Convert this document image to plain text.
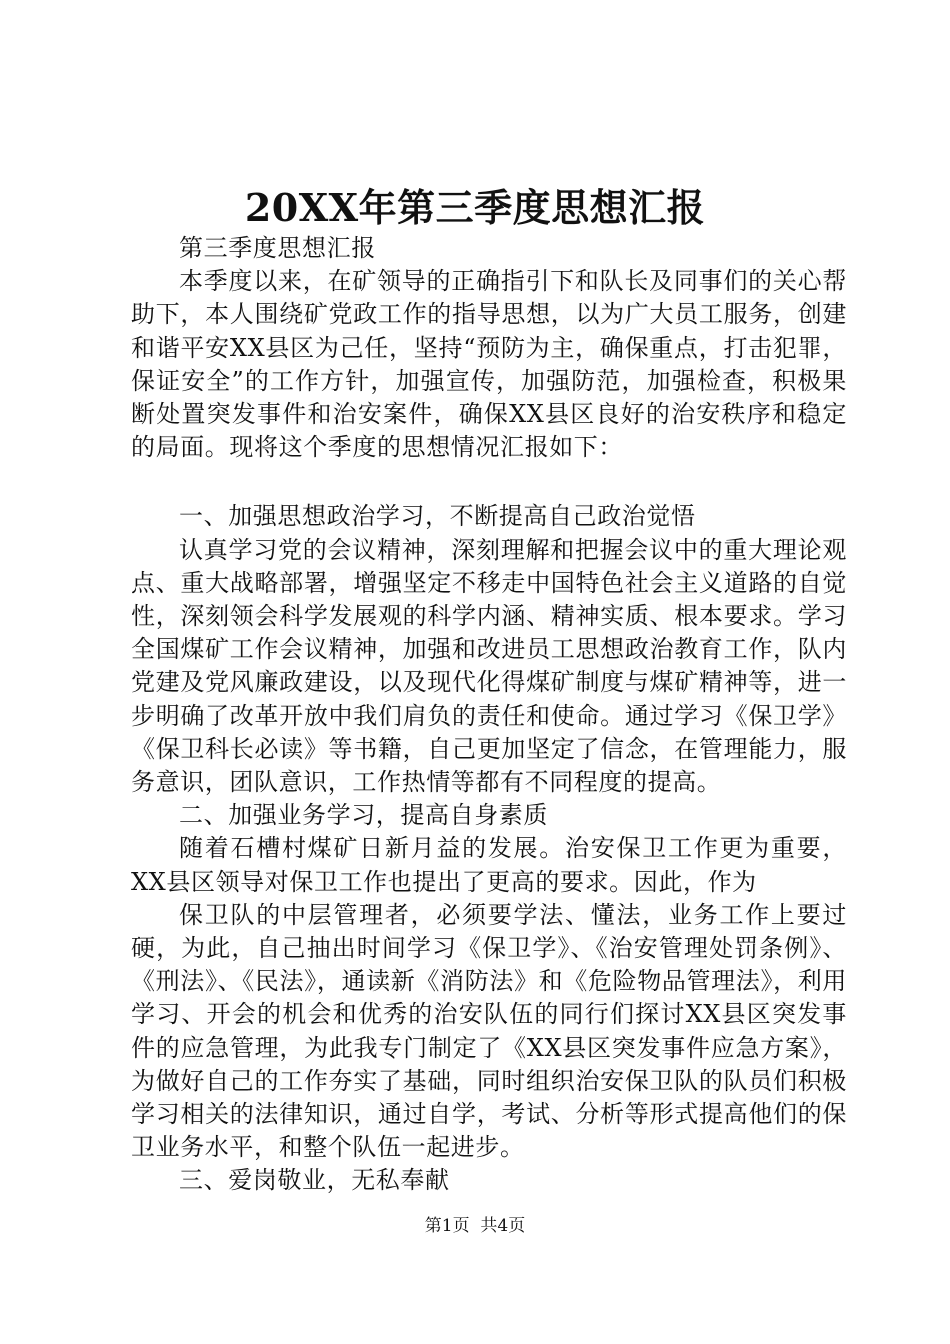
20XX年第三季度思想汇报

第三季度思想汇报

本季度以来，在矿领导的正确指引下和队长及同事们的关心帮助下，本人围绕矿党政工作的指导思想，以为广大员工服务，创建和谐平安XX县区为己任，坚持“预防为主，确保重点，打击犯罪，保证安全”的工作方针，加强宣传，加强防范，加强检查，积极果断处置突发事件和治安案件，确保XX县区良好的治安秩序和稳定的局面。现将这个季度的思想情况汇报如下：

一、加强思想政治学习，不断提高自己政治觉悟

认真学习党的会议精神，深刻理解和把握会议中的重大理论观点、重大战略部署，增强坚定不移走中国特色社会主义道路的自觉性，深刻领会科学发展观的科学内涵、精神实质、根本要求。学习全国煤矿工作会议精神，加强和改进员工思想政治教育工作，队内党建及党风廉政建设，以及现代化得煤矿制度与煤矿精神等，进一步明确了改革开放中我们肩负的责任和使命。通过学习《保卫学》《保卫科长必读》等书籍，自己更加坚定了信念，在管理能力，服务意识，团队意识，工作热情等都有不同程度的提高。

二、加强业务学习，提高自身素质

随着石槽村煤矿日新月益的发展。治安保卫工作更为重要，XX县区领导对保卫工作也提出了更高的要求。因此，作为

保卫队的中层管理者，必须要学法、懂法，业务工作上要过硬，为此，自己抽出时间学习《保卫学》、《治安管理处罚条例》、《刑法》、《民法》，通读新《消防法》和《危险物品管理法》，利用学习、开会的机会和优秀的治安队伍的同行们探讨XX县区突发事件的应急管理，为此我专门制定了《XX县区突发事件应急方案》，为做好自己的工作夯实了基础，同时组织治安保卫队的队员们积极学习相关的法律知识，通过自学，考试、分析等形式提高他们的保卫业务水平，和整个队伍一起进步。

三、爱岗敬业，无私奉献

第1页  共4页
